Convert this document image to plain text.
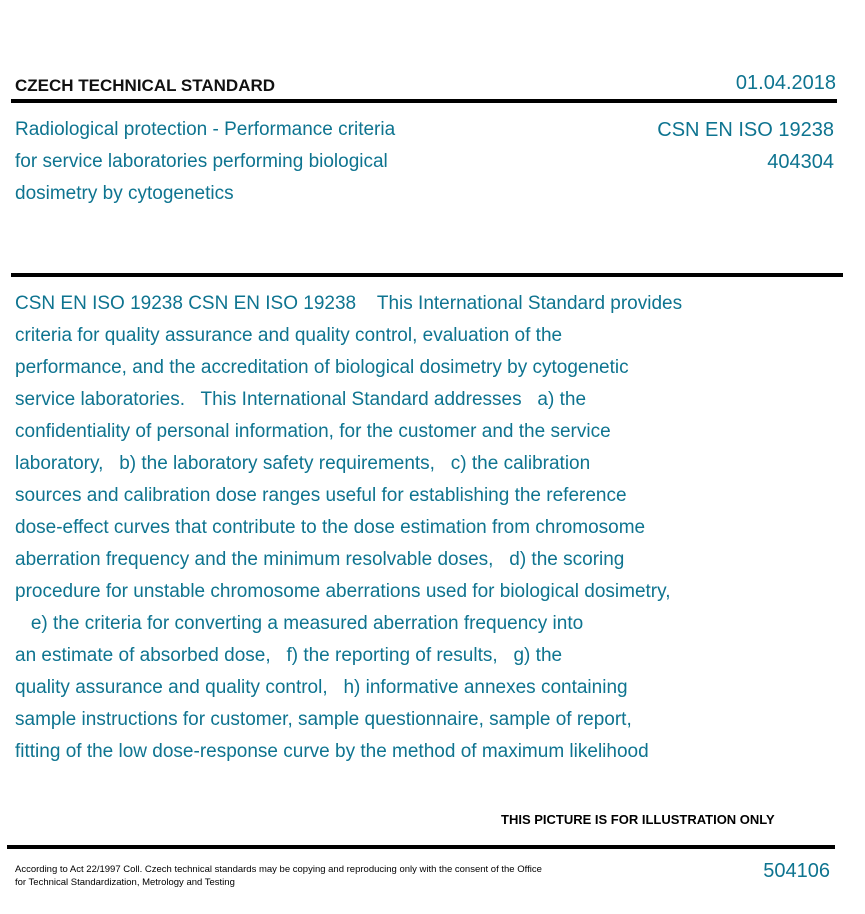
CZECH TECHNICAL STANDARD	01.04.2018
Radiological protection - Performance criteria
for service laboratories performing biological
dosimetry by cytogenetics
CSN EN ISO 19238
404304
CSN EN ISO 19238 CSN EN ISO 19238    This International Standard provides
criteria for quality assurance and quality control, evaluation of the
performance, and the accreditation of biological dosimetry by cytogenetic
service laboratories.   This International Standard addresses   a) the
confidentiality of personal information, for the customer and the service
laboratory,   b) the laboratory safety requirements,   c) the calibration
sources and calibration dose ranges useful for establishing the reference
dose-effect curves that contribute to the dose estimation from chromosome
aberration frequency and the minimum resolvable doses,   d) the scoring
procedure for unstable chromosome aberrations used for biological dosimetry,
e) the criteria for converting a measured aberration frequency into
an estimate of absorbed dose,   f) the reporting of results,   g) the
quality assurance and quality control,   h) informative annexes containing
sample instructions for customer, sample questionnaire, sample of report,
fitting of the low dose-response curve by the method of maximum likelihood
THIS PICTURE IS FOR ILLUSTRATION ONLY
According to Act 22/1997 Coll. Czech technical standards may be copying and reproducing only with the consent of the Office
for Technical Standardization, Metrology and Testing
504106
